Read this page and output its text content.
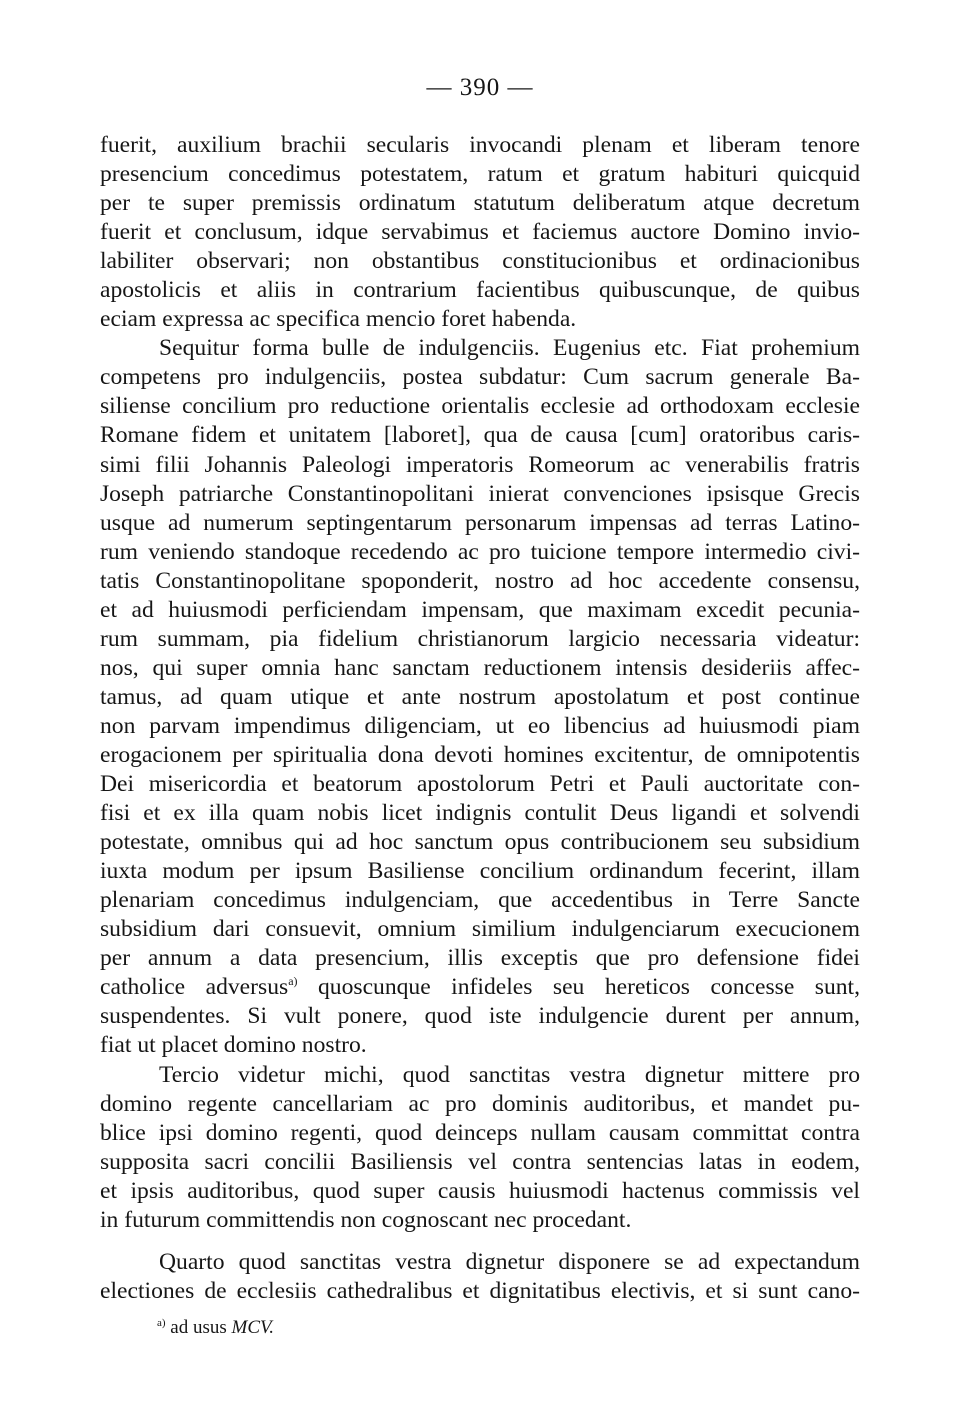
— 390 —
fuerit, auxilium brachii secularis invocandi plenam et liberam tenore
presencium concedimus potestatem, ratum et gratum habituri quicquid
per te super premissis ordinatum statutum deliberatum atque decretum
fuerit et conclusum, idque servabimus et faciemus auctore Domino invio-
labiliter observari; non obstantibus constitucionibus et ordinacionibus
apostolicis et aliis in contrarium facientibus quibuscunque, de quibus
eciam expressa ac specifica mencio foret habenda.
Sequitur forma bulle de indulgenciis. Eugenius etc. Fiat prohemium
competens pro indulgenciis, postea subdatur: Cum sacrum generale Ba-
siliense concilium pro reductione orientalis ecclesie ad orthodoxam ecclesie
Romane fidem et unitatem [laboret], qua de causa [cum] oratoribus caris-
simi filii Johannis Paleologi imperatoris Romeorum ac venerabilis fratris
Joseph patriarche Constantinopolitani inierat convenciones ipsisque Grecis
usque ad numerum septingentarum personarum impensas ad terras Latino-
rum veniendo standoque recedendo ac pro tuicione tempore intermedio civi-
tatis Constantinopolitane spoponderit, nostro ad hoc accedente consensu,
et ad huiusmodi perficiendam impensam, que maximam excedit pecunia-
rum summam, pia fidelium christianorum largicio necessaria videatur:
nos, qui super omnia hanc sanctam reductionem intensis desideriis affec-
tamus, ad quam utique et ante nostrum apostolatum et post continue
non parvam impendimus diligenciam, ut eo libencius ad huiusmodi piam
erogacionem per spiritualia dona devoti homines excitentur, de omnipotentis
Dei misericordia et beatorum apostolorum Petri et Pauli auctoritate con-
fisi et ex illa quam nobis licet indignis contulit Deus ligandi et solvendi
potestate, omnibus qui ad hoc sanctum opus contribucionem seu subsidium
iuxta modum per ipsum Basiliense concilium ordinandum fecerint, illam
plenariam concedimus indulgenciam, que accedentibus in Terre Sancte
subsidium dari consuevit, omnium similium indulgenciarum execucionem
per annum a data presencium, illis exceptis que pro defensione fidei
catholice adversus$^{a)}$ quoscunque infideles seu hereticos concesse sunt,
suspendentes. Si vult ponere, quod iste indulgencie durent per annum,
fiat ut placet domino nostro.
Tercio videtur michi, quod sanctitas vestra dignetur mittere pro
domino regente cancellariam ac pro dominis auditoribus, et mandet pu-
blice ipsi domino regenti, quod deinceps nullam causam committat contra
supposita sacri concilii Basiliensis vel contra sentencias latas in eodem,
et ipsis auditoribus, quod super causis huiusmodi hactenus commissis vel
in futurum committendis non cognoscant nec procedant.
Quarto quod sanctitas vestra dignetur disponere se ad expectandum
electiones de ecclesiis cathedralibus et dignitatibus electivis, et si sunt cano-
$^{a)}$ ad usus MCV.
